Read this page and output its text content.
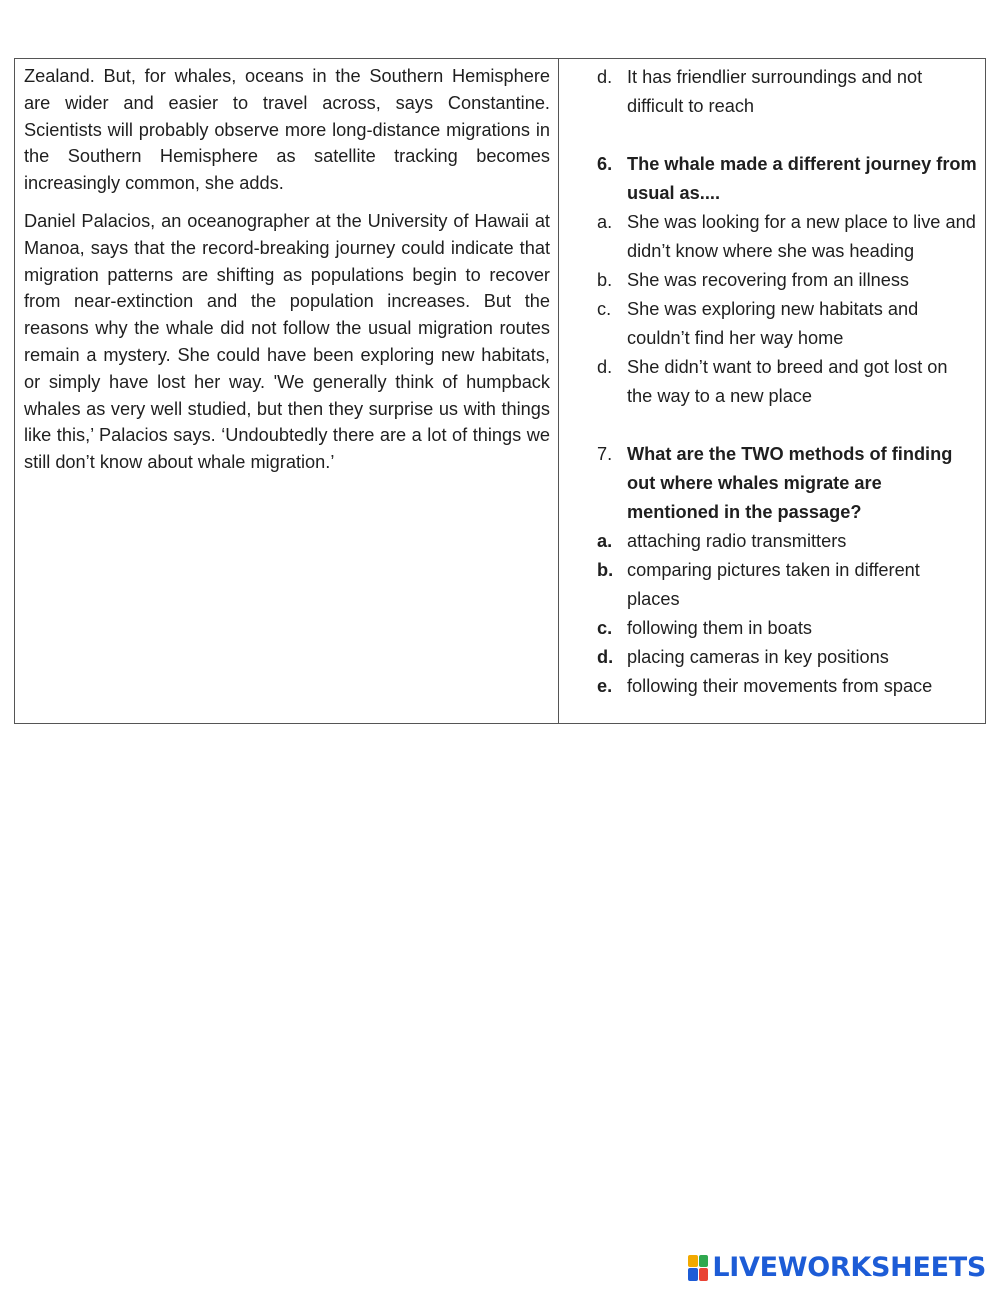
Zealand. But, for whales, oceans in the Southern Hemisphere are wider and easier to travel across, says Constantine. Scientists will probably observe more long-distance migrations in the Southern Hemisphere as satellite tracking becomes increasingly common, she adds.

Daniel Palacios, an oceanographer at the University of Hawaii at Manoa, says that the record-breaking journey could indicate that migration patterns are shifting as populations begin to recover from near-extinction and the population increases. But the reasons why the whale did not follow the usual migration routes remain a mystery. She could have been exploring new habitats, or simply have lost her way. 'We generally think of humpback whales as very well studied, but then they surprise us with things like this,’ Palacios says. ‘Undoubtedly there are a lot of things we still don’t know about whale migration.’

d. It has friendlier surroundings and not difficult to reach
6. The whale made a different journey from usual as....
a. She was looking for a new place to live and didn’t know where she was heading
b. She was recovering from an illness
c. She was exploring new habitats and couldn’t find her way home
d. She didn’t want to breed and got lost on the way to a new place
7. What are the TWO methods of finding out where whales migrate are mentioned in the passage?
a. attaching radio transmitters
b. comparing pictures taken in different places
c. following them in boats
d. placing cameras in key positions
e. following their movements from space
LIVEWORKSHEETS
